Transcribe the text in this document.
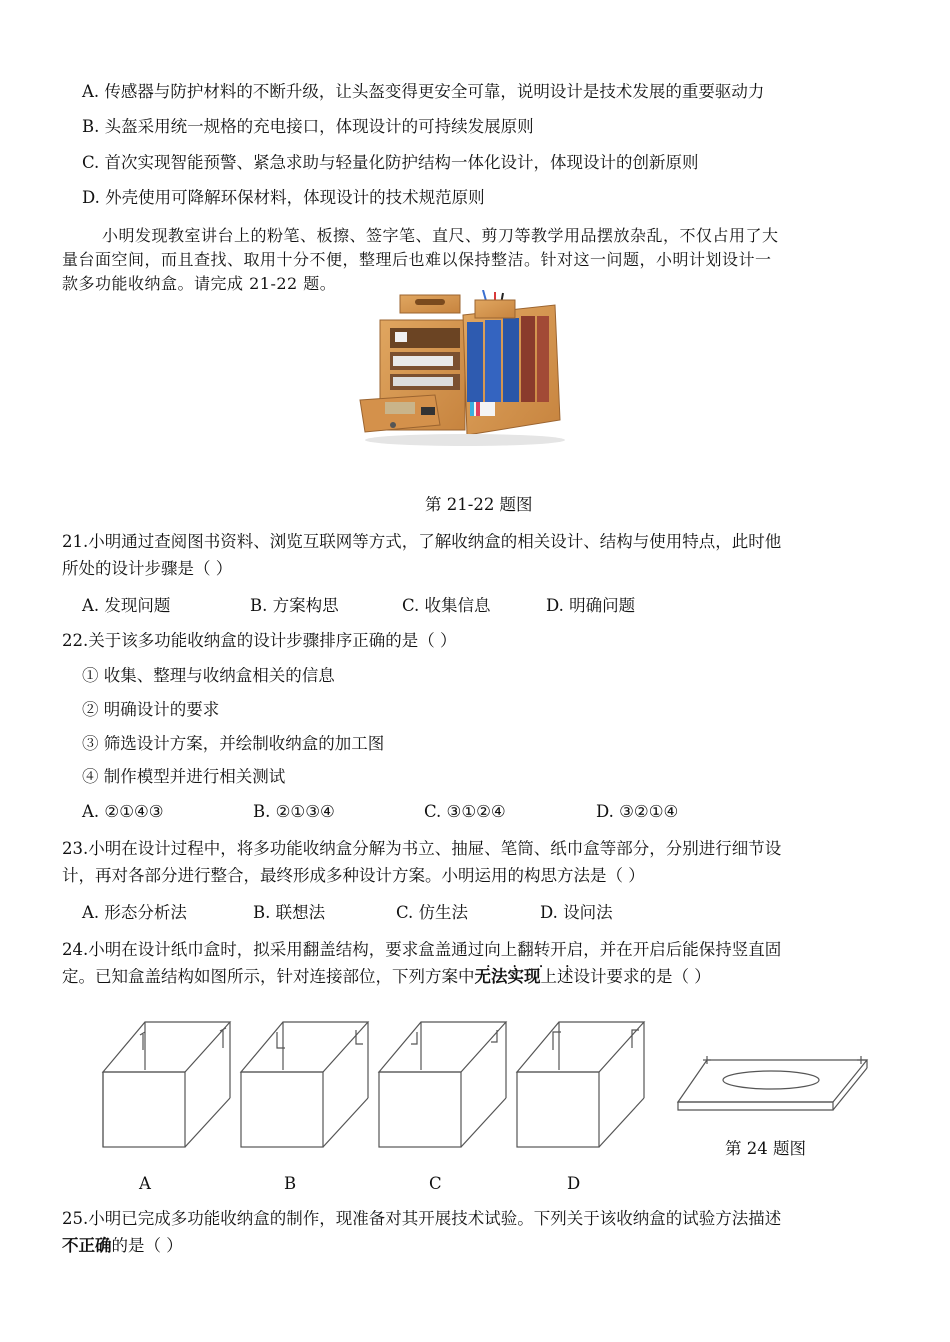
A. 传感器与防护材料的不断升级，让头盔变得更安全可靠，说明设计是技术发展的重要驱动力
B. 头盔采用统一规格的充电接口，体现设计的可持续发展原则
C. 首次实现智能预警、紧急求助与轻量化防护结构一体化设计，体现设计的创新原则
D. 外壳使用可降解环保材料，体现设计的技术规范原则
小明发现教室讲台上的粉笔、板擦、签字笔、直尺、剪刀等教学用品摆放杂乱，不仅占用了大
量台面空间，而且查找、取用十分不便，整理后也难以保持整洁。针对这一问题，小明计划设计一
款多功能收纳盒。请完成 21-22 题。
第 21-22 题图
21.小明通过查阅图书资料、浏览互联网等方式，了解收纳盒的相关设计、结构与使用特点，此时他
所处的设计步骤是（ ）
A. 发现问题	B. 方案构思	C. 收集信息	D. 明确问题
22.关于该多功能收纳盒的设计步骤排序正确的是（ ）
① 收集、整理与收纳盒相关的信息
② 明确设计的要求
③ 筛选设计方案，并绘制收纳盒的加工图
④ 制作模型并进行相关测试
A. ②①④③	B. ②①③④	C. ③①②④	D. ③②①④
23.小明在设计过程中，将多功能收纳盒分解为书立、抽屉、笔筒、纸巾盒等部分，分别进行细节设
计，再对各部分进行整合，最终形成多种设计方案。小明运用的构思方法是（ ）
A. 形态分析法	B. 联想法	C. 仿生法	D. 设问法
24.小明在设计纸巾盒时，拟采用翻盖结构，要求盒盖通过向上翻 • • • •转开启，并在开启后能保持竖直固
定。已知盒盖结构如图所示，针对连接部位，下列方案中无法实现上述设计要求的是（ ）
第 24 题图
A	B	C	D
25.小明已完成多功能收纳盒的制作，现准备对其开展技术试验。下列关于该收纳盒的试验方法描述
不正确的是（ ）
